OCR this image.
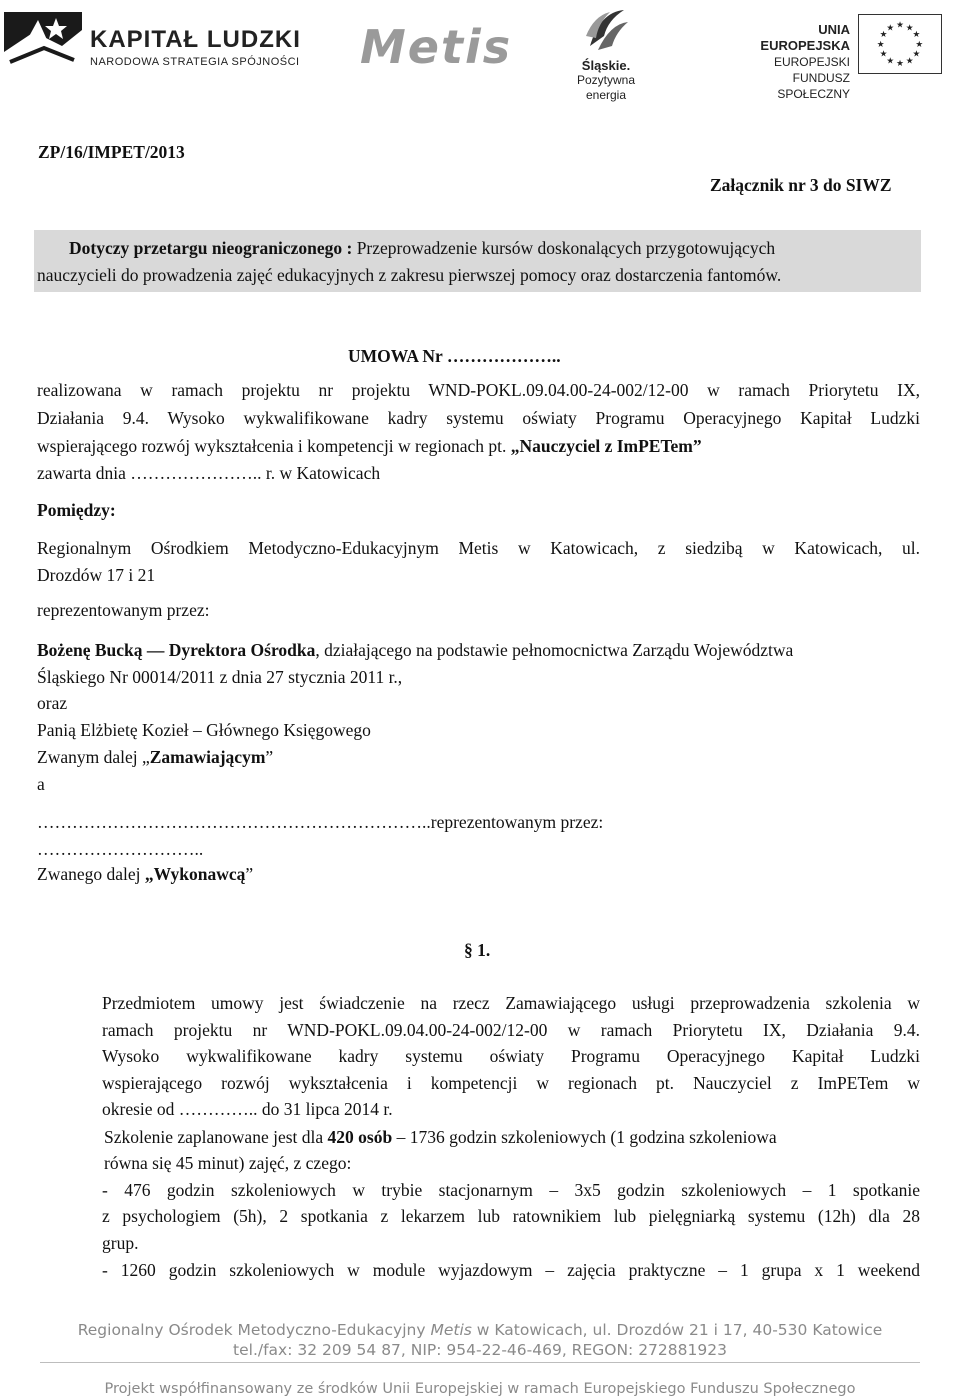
KAPITAŁ LUDZKI
NARODOWA STRATEGIA SPÓJNOŚCI Metis	Śląskie.
Pozytywna energia
UNIA EUROPEJSKA
EUROPEJSKI
FUNDUSZ SPOŁECZNY
★ ★
★
★
★
★
★
★
★
★
★
★
ZP/16/IMPET/2013
Załącznik nr 3 do SIWZ
Dotyczy przetargu nieograniczonego : Przeprowadzenie kursów doskonalących przygotowujących
nauczycieli do prowadzenia zajęć edukacyjnych z zakresu pierwszej pomocy oraz dostarczenia fantomów.
UMOWA Nr ………………..
realizowana w ramach projektu nr projektu WND-POKL.09.04.00-24-002/12-00 w ramach Priorytetu IX,
Działania 9.4. Wysoko wykwalifikowane kadry systemu oświaty Programu Operacyjnego Kapitał Ludzki
wspierającego rozwój wykształcenia i kompetencji w regionach pt. „Nauczyciel z ImPETem”
zawarta dnia ………………….. r. w Katowicach
Pomiędzy:
Regionalnym Ośrodkiem Metodyczno-Edukacyjnym Metis w Katowicach, z siedzibą w Katowicach, ul.
Drozdów 17 i 21
reprezentowanym przez:
Bożenę Bucką — Dyrektora Ośrodka, działającego na podstawie pełnomocnictwa Zarządu Województwa
Śląskiego Nr 00014/2011 z dnia 27 stycznia 2011 r.,
oraz
Panią Elżbietę Kozieł – Głównego Księgowego
Zwanym dalej „Zamawiającym”
a
…………………………………………………………..reprezentowanym przez:
………………………..
Zwanego dalej „Wykonawcą”
§ 1.
Przedmiotem umowy jest świadczenie na rzecz Zamawiającego usługi przeprowadzenia szkolenia w
ramach projektu nr WND-POKL.09.04.00-24-002/12-00 w ramach Priorytetu IX, Działania 9.4.
Wysoko wykwalifikowane kadry systemu oświaty Programu Operacyjnego Kapitał Ludzki
wspierającego rozwój wykształcenia i kompetencji w regionach pt. Nauczyciel z ImPETem w
okresie od ………….. do 31 lipca 2014 r.
Szkolenie zaplanowane jest dla 420 osób – 1736 godzin szkoleniowych (1 godzina szkoleniowa
równa się 45 minut) zajęć, z czego:
- 476 godzin szkoleniowych w trybie stacjonarnym – 3x5 godzin szkoleniowych – 1 spotkanie
z psychologiem (5h), 2 spotkania z lekarzem lub ratownikiem lub pielęgniarką systemu (12h) dla 28
grup.
- 1260 godzin szkoleniowych w module wyjazdowym – zajęcia praktyczne – 1 grupa x 1 weekend
Regionalny Ośrodek Metodyczno-Edukacyjny Metis w Katowicach, ul. Drozdów 21 i 17, 40-530 Katowice
tel./fax: 32 209 54 87, NIP: 954-22-46-469, REGON: 272881923
Projekt współfinansowany ze środków Unii Europejskiej w ramach Europejskiego Funduszu Społecznego
